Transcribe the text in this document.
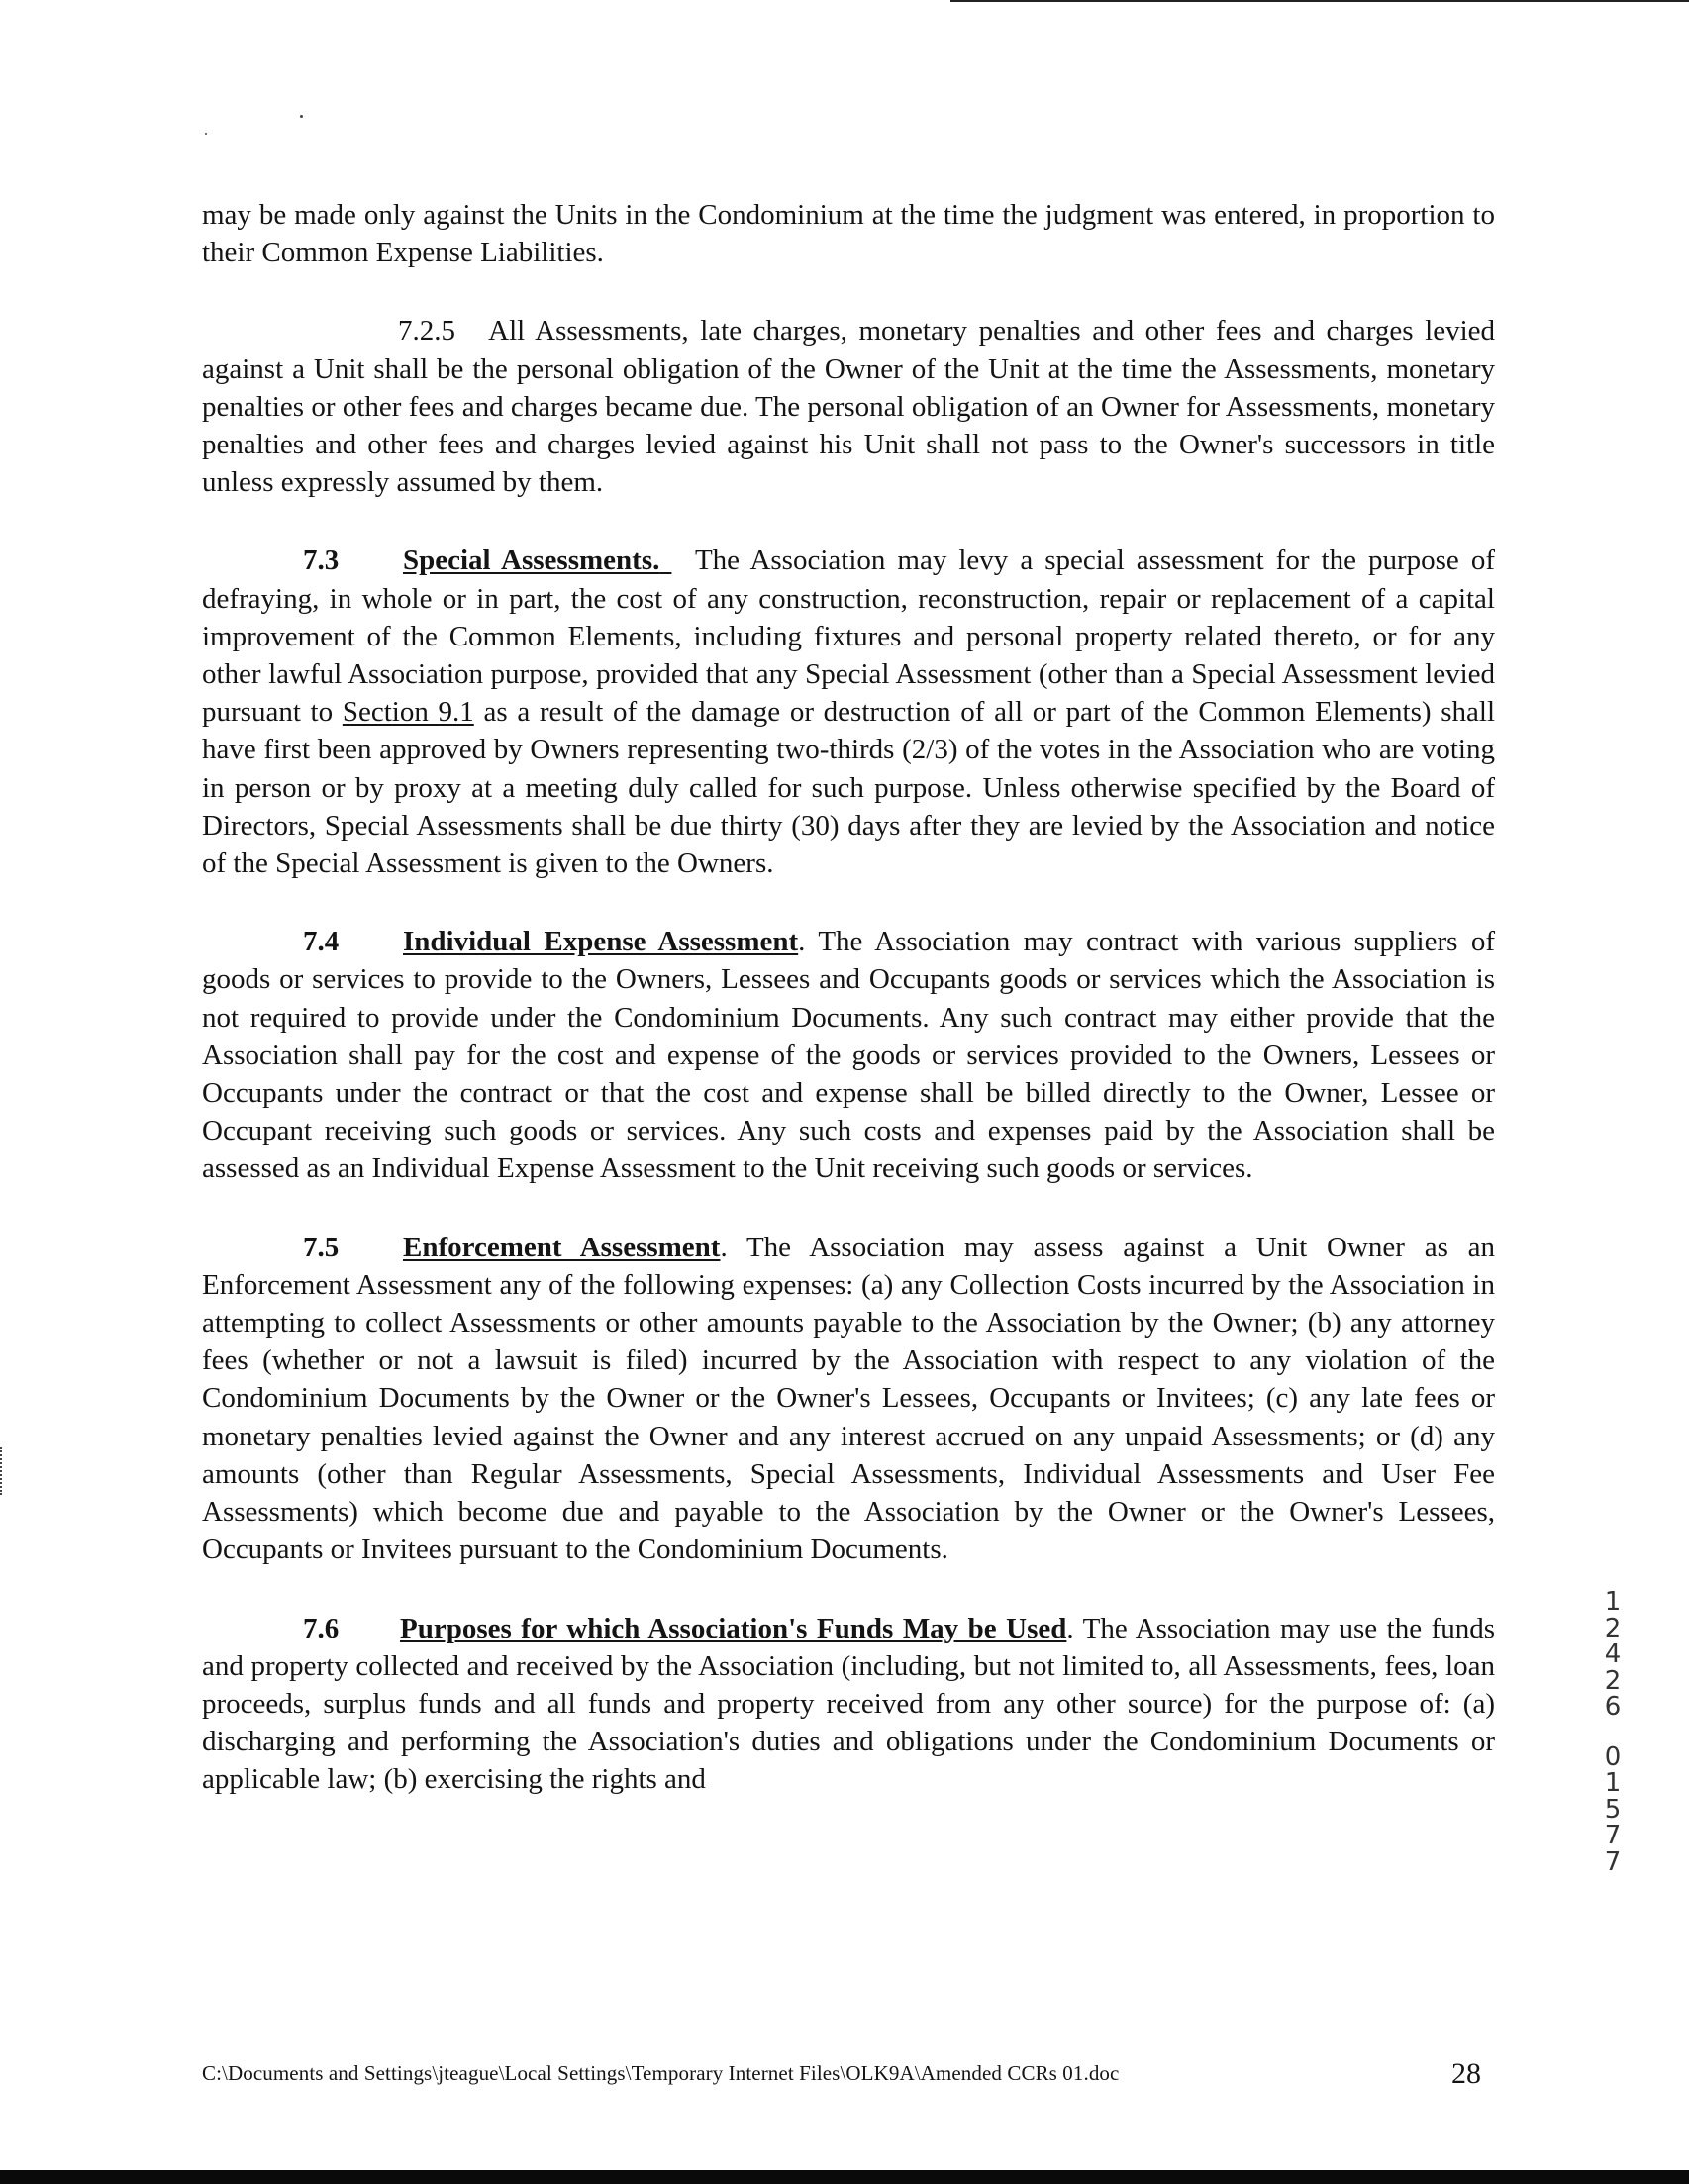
may be made only against the Units in the Condominium at the time the judgment was entered, in proportion to their Common Expense Liabilities.

7.2.5 All Assessments, late charges, monetary penalties and other fees and charges levied against a Unit shall be the personal obligation of the Owner of the Unit at the time the Assessments, monetary penalties or other fees and charges became due. The personal obligation of an Owner for Assessments, monetary penalties and other fees and charges levied against his Unit shall not pass to the Owner's successors in title unless expressly assumed by them.

7.3 Special Assessments. The Association may levy a special assessment for the purpose of defraying, in whole or in part, the cost of any construction, reconstruction, repair or replacement of a capital improvement of the Common Elements, including fixtures and personal property related thereto, or for any other lawful Association purpose, provided that any Special Assessment (other than a Special Assessment levied pursuant to Section 9.1 as a result of the damage or destruction of all or part of the Common Elements) shall have first been approved by Owners representing two-thirds (2/3) of the votes in the Association who are voting in person or by proxy at a meeting duly called for such purpose. Unless otherwise specified by the Board of Directors, Special Assessments shall be due thirty (30) days after they are levied by the Association and notice of the Special Assessment is given to the Owners.

7.4 Individual Expense Assessment. The Association may contract with various suppliers of goods or services to provide to the Owners, Lessees and Occupants goods or services which the Association is not required to provide under the Condominium Documents. Any such contract may either provide that the Association shall pay for the cost and expense of the goods or services provided to the Owners, Lessees or Occupants under the contract or that the cost and expense shall be billed directly to the Owner, Lessee or Occupant receiving such goods or services. Any such costs and expenses paid by the Association shall be assessed as an Individual Expense Assessment to the Unit receiving such goods or services.

7.5 Enforcement Assessment. The Association may assess against a Unit Owner as an Enforcement Assessment any of the following expenses: (a) any Collection Costs incurred by the Association in attempting to collect Assessments or other amounts payable to the Association by the Owner; (b) any attorney fees (whether or not a lawsuit is filed) incurred by the Association with respect to any violation of the Condominium Documents by the Owner or the Owner's Lessees, Occupants or Invitees; (c) any late fees or monetary penalties levied against the Owner and any interest accrued on any unpaid Assessments; or (d) any amounts (other than Regular Assessments, Special Assessments, Individual Assessments and User Fee Assessments) which become due and payable to the Association by the Owner or the Owner's Lessees, Occupants or Invitees pursuant to the Condominium Documents.

7.6 Purposes for which Association's Funds May be Used. The Association may use the funds and property collected and received by the Association (including, but not limited to, all Assessments, fees, loan proceeds, surplus funds and all funds and property received from any other source) for the purpose of: (a) discharging and performing the Association's duties and obligations under the Condominium Documents or applicable law; (b) exercising the rights and

1
2
4
2
6
0
1
5
7
7
C:\Documents and Settings\jteague\Local Settings\Temporary Internet Files\OLK9A\Amended CCRs 01.doc	28
